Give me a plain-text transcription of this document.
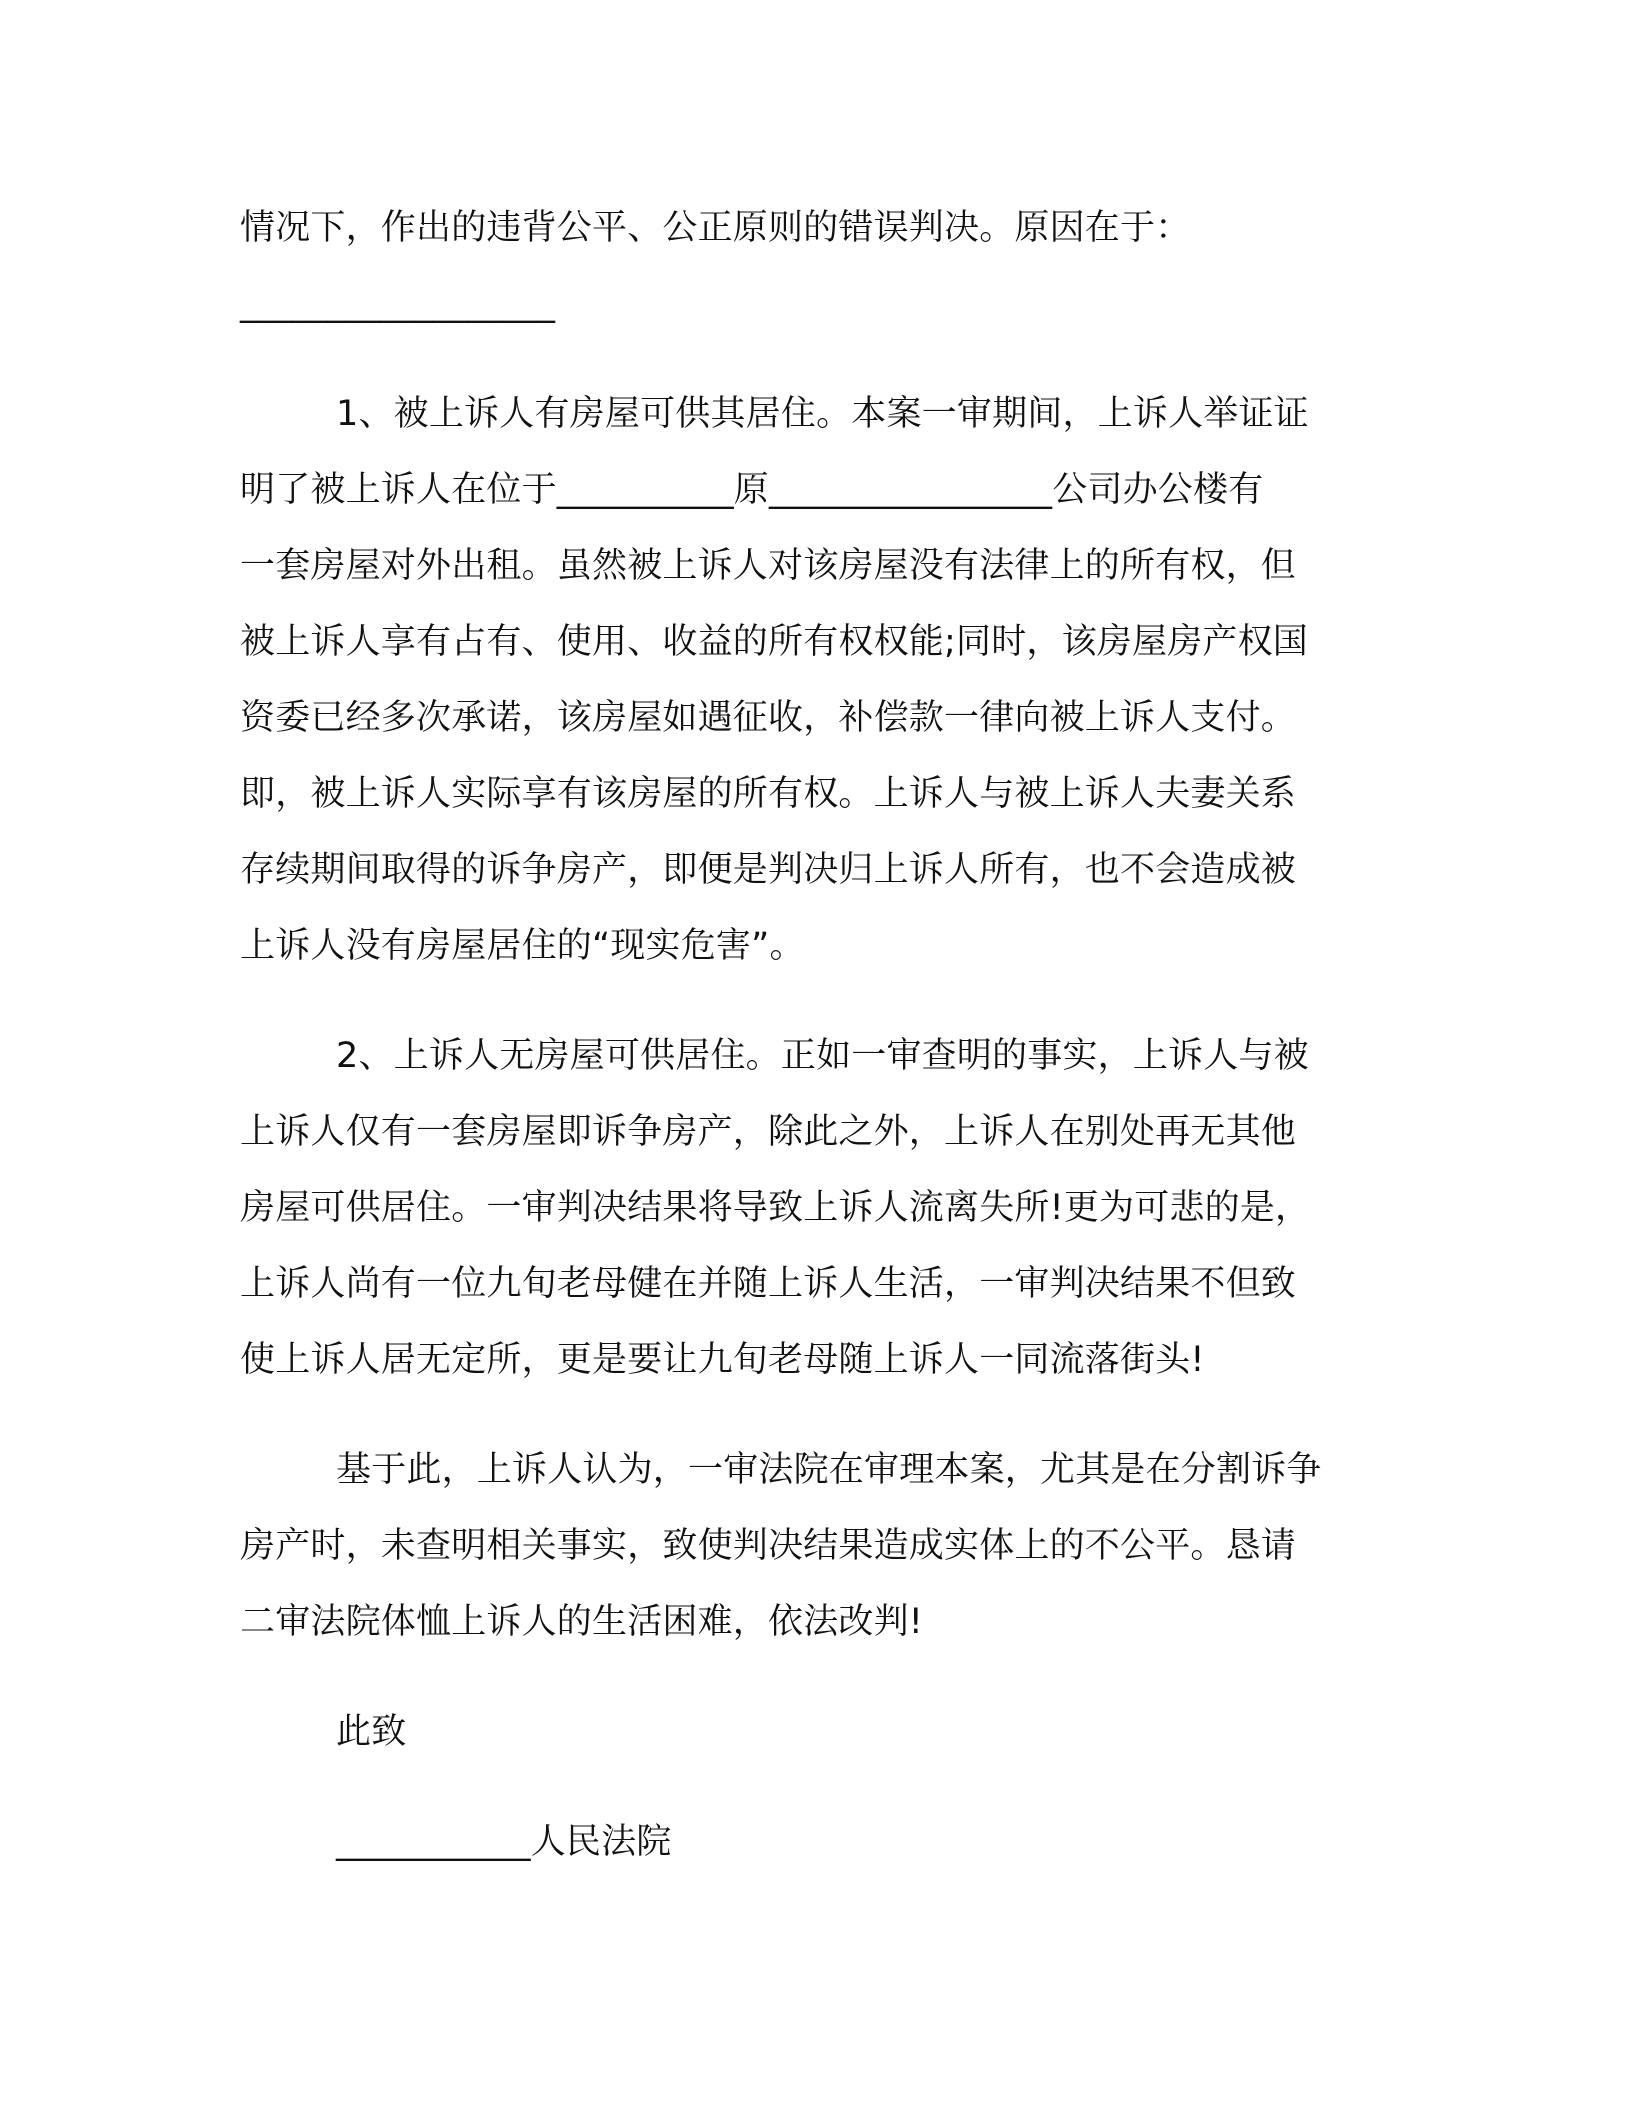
情况下，作出的违背公平、公正原则的错误判决。原因在于：
__________________
1、被上诉人有房屋可供其居住。本案一审期间，上诉人举证证
明了被上诉人在位于__________原________________公司办公楼有
一套房屋对外出租。虽然被上诉人对该房屋没有法律上的所有权，但
被上诉人享有占有、使用、收益的所有权权能;同时，该房屋房产权国
资委已经多次承诺，该房屋如遇征收，补偿款一律向被上诉人支付。
即，被上诉人实际享有该房屋的所有权。上诉人与被上诉人夫妻关系
存续期间取得的诉争房产，即便是判决归上诉人所有，也不会造成被
上诉人没有房屋居住的“现实危害”。
2、上诉人无房屋可供居住。正如一审查明的事实，上诉人与被
上诉人仅有一套房屋即诉争房产，除此之外，上诉人在别处再无其他
房屋可供居住。一审判决结果将导致上诉人流离失所!更为可悲的是，
上诉人尚有一位九旬老母健在并随上诉人生活，一审判决结果不但致
使上诉人居无定所，更是要让九旬老母随上诉人一同流落街头!
基于此，上诉人认为，一审法院在审理本案，尤其是在分割诉争
房产时，未查明相关事实，致使判决结果造成实体上的不公平。恳请
二审法院体恤上诉人的生活困难，依法改判!
此致
___________人民法院
